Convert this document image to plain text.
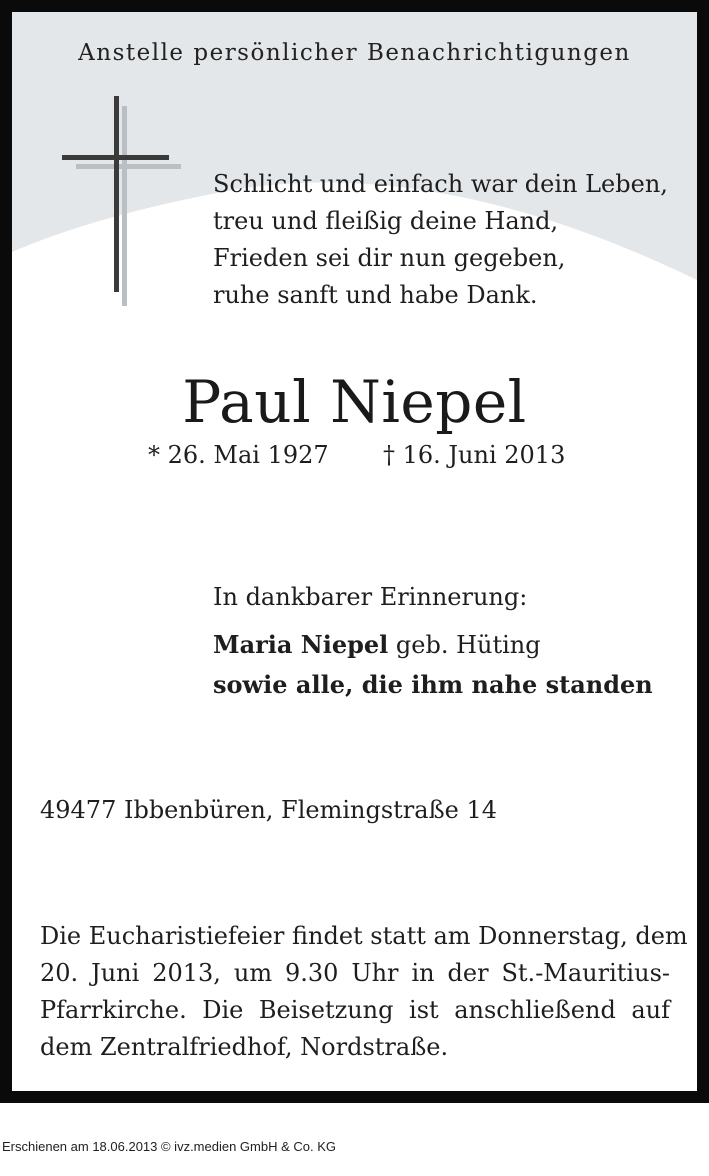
Anstelle persönlicher Benachrichtigungen
Schlicht und einfach war dein Leben,
treu und fleißig deine Hand,
Frieden sei dir nun gegeben,
ruhe sanft und habe Dank.
Paul Niepel
* 26. Mai 1927 † 16. Juni 2013
In dankbarer Erinnerung:
Maria Niepel geb. Hüting
sowie alle, die ihm nahe standen
49477 Ibbenbüren, Flemingstraße 14
Die Eucharistiefeier findet statt am Donnerstag, dem
20. Juni 2013, um 9.30 Uhr in der St.-Mauritius-
Pfarrkirche. Die Beisetzung ist anschließend auf
dem Zentralfriedhof, Nordstraße.
Erschienen am 18.06.2013 © ivz.medien GmbH & Co. KG
